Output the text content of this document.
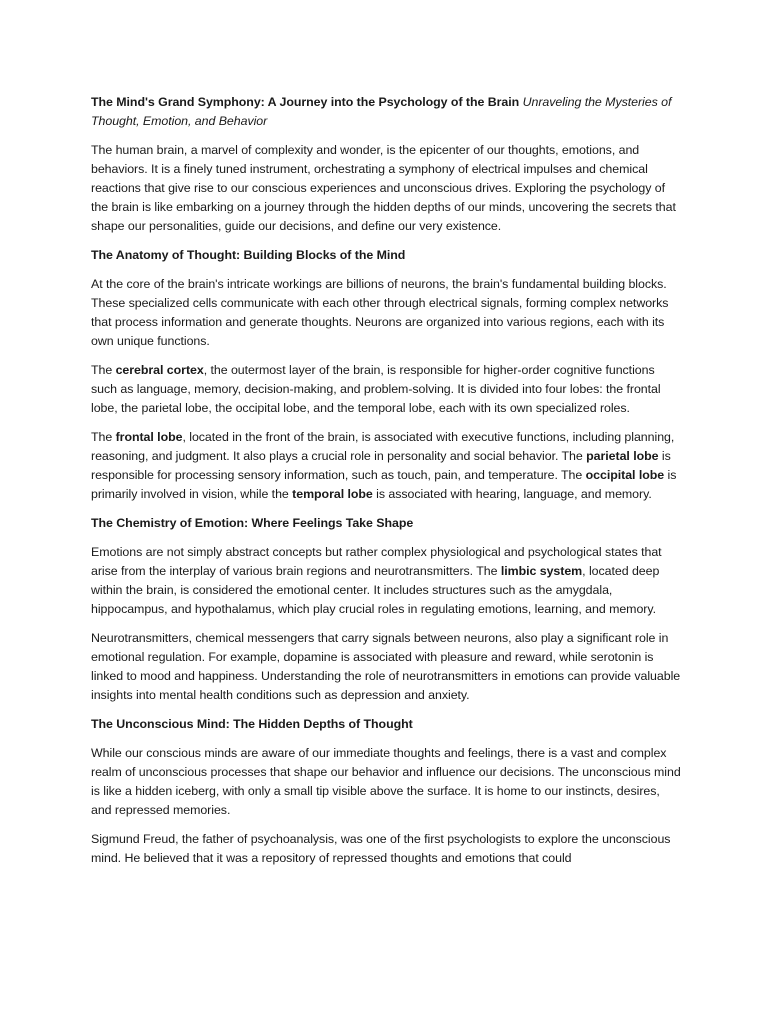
The Mind's Grand Symphony: A Journey into the Psychology of the Brain Unraveling the Mysteries of Thought, Emotion, and Behavior

The human brain, a marvel of complexity and wonder, is the epicenter of our thoughts, emotions, and behaviors. It is a finely tuned instrument, orchestrating a symphony of electrical impulses and chemical reactions that give rise to our conscious experiences and unconscious drives. Exploring the psychology of the brain is like embarking on a journey through the hidden depths of our minds, uncovering the secrets that shape our personalities, guide our decisions, and define our very existence.

The Anatomy of Thought: Building Blocks of the Mind

At the core of the brain's intricate workings are billions of neurons, the brain's fundamental building blocks. These specialized cells communicate with each other through electrical signals, forming complex networks that process information and generate thoughts. Neurons are organized into various regions, each with its own unique functions.

The cerebral cortex, the outermost layer of the brain, is responsible for higher-order cognitive functions such as language, memory, decision-making, and problem-solving. It is divided into four lobes: the frontal lobe, the parietal lobe, the occipital lobe, and the temporal lobe, each with its own specialized roles.

The frontal lobe, located in the front of the brain, is associated with executive functions, including planning, reasoning, and judgment. It also plays a crucial role in personality and social behavior. The parietal lobe is responsible for processing sensory information, such as touch, pain, and temperature. The occipital lobe is primarily involved in vision, while the temporal lobe is associated with hearing, language, and memory.

The Chemistry of Emotion: Where Feelings Take Shape

Emotions are not simply abstract concepts but rather complex physiological and psychological states that arise from the interplay of various brain regions and neurotransmitters. The limbic system, located deep within the brain, is considered the emotional center. It includes structures such as the amygdala, hippocampus, and hypothalamus, which play crucial roles in regulating emotions, learning, and memory.

Neurotransmitters, chemical messengers that carry signals between neurons, also play a significant role in emotional regulation. For example, dopamine is associated with pleasure and reward, while serotonin is linked to mood and happiness. Understanding the role of neurotransmitters in emotions can provide valuable insights into mental health conditions such as depression and anxiety.

The Unconscious Mind: The Hidden Depths of Thought

While our conscious minds are aware of our immediate thoughts and feelings, there is a vast and complex realm of unconscious processes that shape our behavior and influence our decisions. The unconscious mind is like a hidden iceberg, with only a small tip visible above the surface. It is home to our instincts, desires, and repressed memories.

Sigmund Freud, the father of psychoanalysis, was one of the first psychologists to explore the unconscious mind. He believed that it was a repository of repressed thoughts and emotions that could
